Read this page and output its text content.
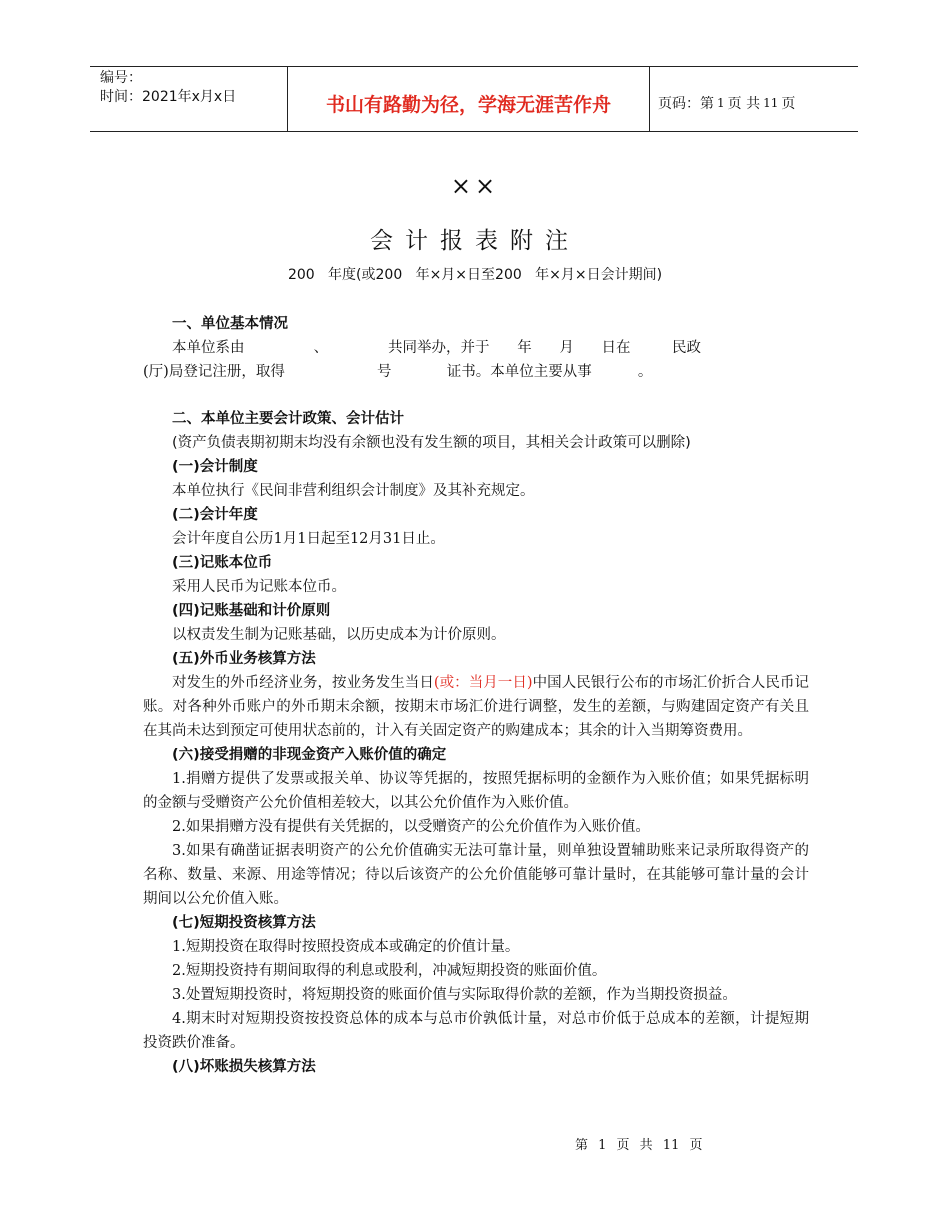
编号：
时间：2021年x月x日	书山有路勤为径，学海无涯苦作舟	页码：第 1 页 共 11 页
××
会计报表附注
200   年度(或200   年×月×日至200   年×月×日会计期间)

一、单位基本情况

本单位系由               、             共同举办，并于      年      月      日在         民政

(厅)局登记注册，取得                    号            证书。本单位主要从事          。

二、本单位主要会计政策、会计估计

(资产负债表期初期末均没有余额也没有发生额的项目，其相关会计政策可以删除)

(一)会计制度

本单位执行《民间非营利组织会计制度》及其补充规定。

(二)会计年度

会计年度自公历1月1日起至12月31日止。

(三)记账本位币

采用人民币为记账本位币。

(四)记账基础和计价原则

以权责发生制为记账基础，以历史成本为计价原则。

(五)外币业务核算方法

对发生的外币经济业务，按业务发生当日(或：当月一日)中国人民银行公布的市场汇价折合人民币记账。对各种外币账户的外币期末余额，按期末市场汇价进行调整，发生的差额，与购建固定资产有关且在其尚未达到预定可使用状态前的，计入有关固定资产的购建成本；其余的计入当期筹资费用。

(六)接受捐赠的非现金资产入账价值的确定

1.捐赠方提供了发票或报关单、协议等凭据的，按照凭据标明的金额作为入账价值；如果凭据标明的金额与受赠资产公允价值相差较大，以其公允价值作为入账价值。

2.如果捐赠方没有提供有关凭据的，以受赠资产的公允价值作为入账价值。

3.如果有确凿证据表明资产的公允价值确实无法可靠计量，则单独设置辅助账来记录所取得资产的名称、数量、来源、用途等情况；待以后该资产的公允价值能够可靠计量时，在其能够可靠计量的会计期间以公允价值入账。

(七)短期投资核算方法

1.短期投资在取得时按照投资成本或确定的价值计量。

2.短期投资持有期间取得的利息或股利，冲减短期投资的账面价值。

3.处置短期投资时，将短期投资的账面价值与实际取得价款的差额，作为当期投资损益。

4.期末时对短期投资按投资总体的成本与总市价孰低计量，对总市价低于总成本的差额，计提短期投资跌价准备。

(八)坏账损失核算方法

第 1 页 共 11 页
